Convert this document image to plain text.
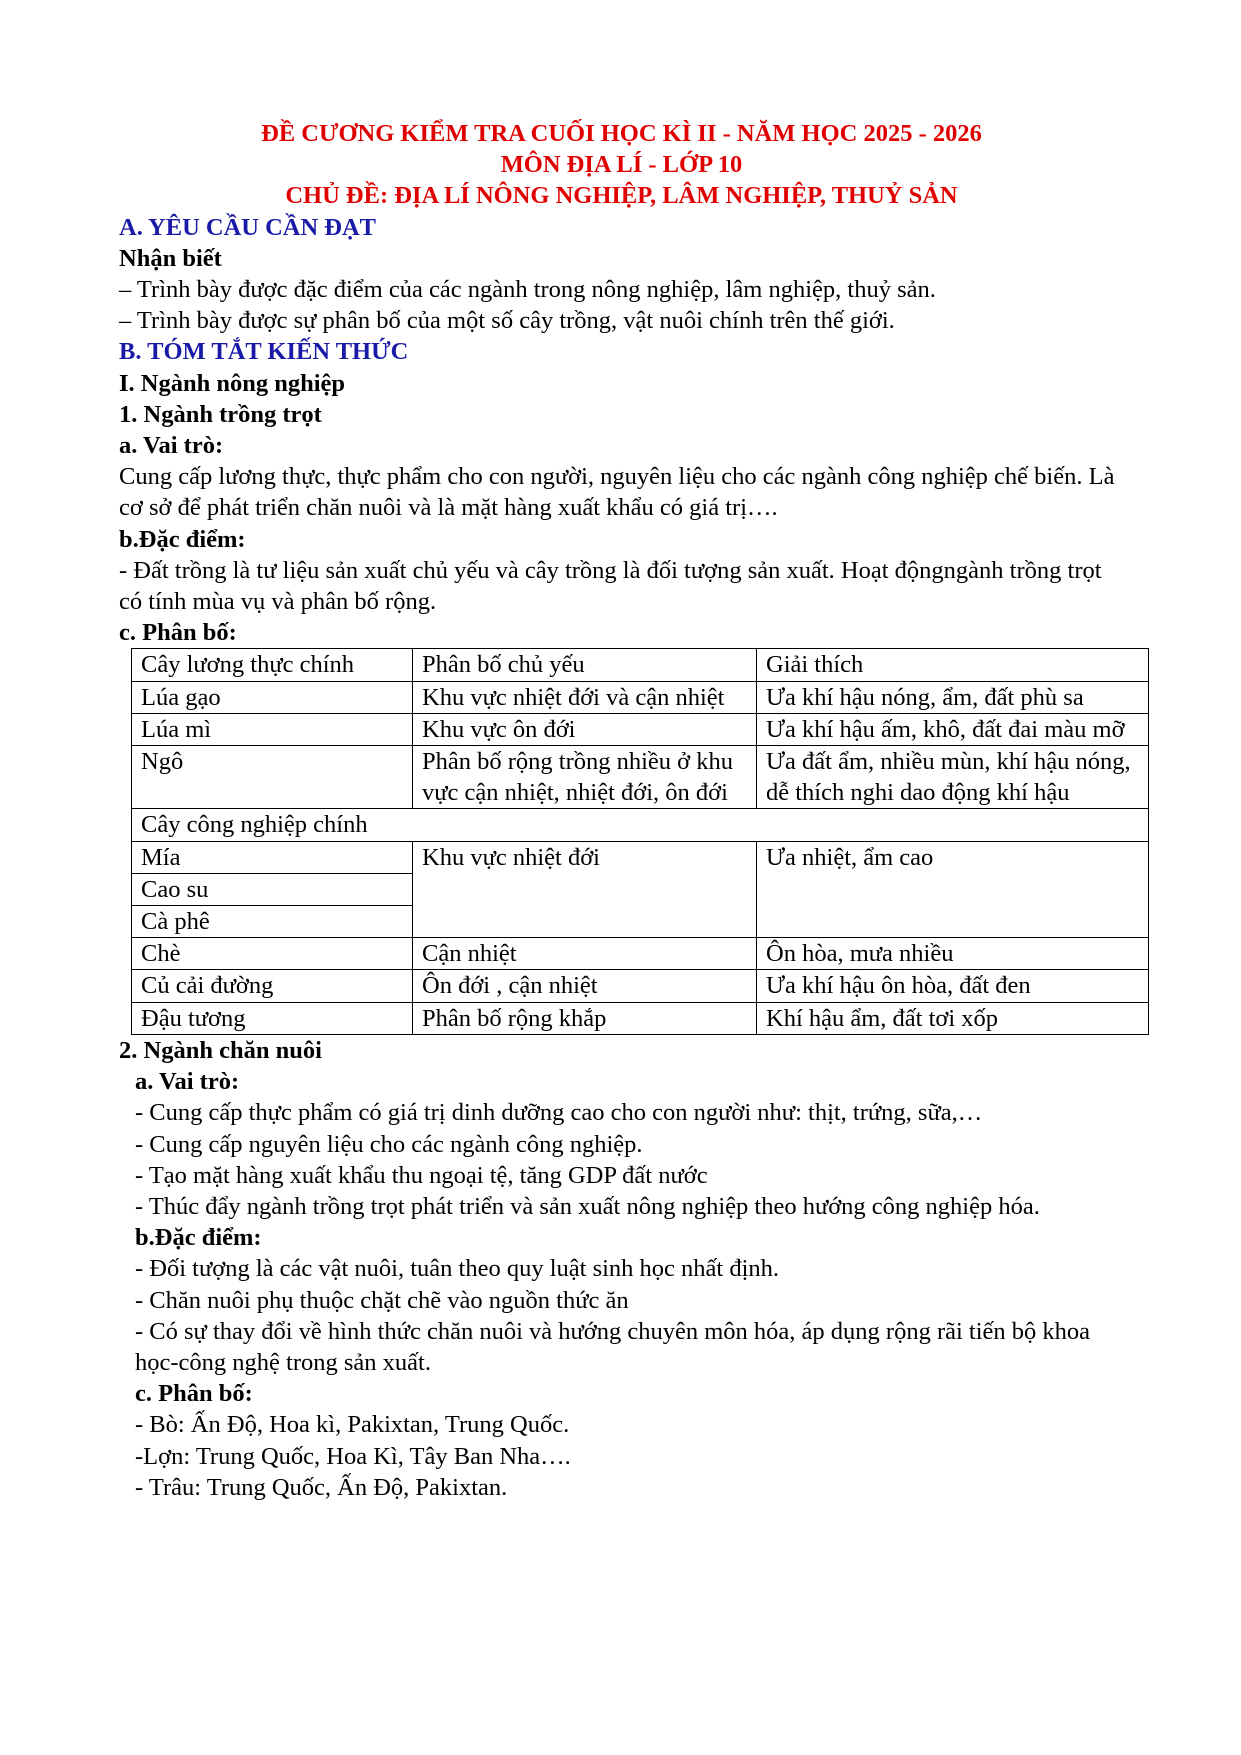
ĐỀ CƯƠNG KIỂM TRA CUỐI HỌC KÌ II - NĂM HỌC 2025 - 2026
MÔN ĐỊA LÍ - LỚP 10
CHỦ ĐỀ: ĐỊA LÍ NÔNG NGHIỆP, LÂM NGHIỆP, THUỶ SẢN
A. YÊU CẦU CẦN ĐẠT
Nhận biết
– Trình bày được đặc điểm của các ngành trong nông nghiệp, lâm nghiệp, thuỷ sản.
– Trình bày được sự phân bố của một số cây trồng, vật nuôi chính trên thế giới.
B. TÓM TẮT KIẾN THỨC
I. Ngành nông nghiệp
1. Ngành trồng trọt
a. Vai trò:

Cung cấp lương thực, thực phẩm cho con người, nguyên liệu cho các ngành công nghiệp chế biến. Là cơ sở để phát triển chăn nuôi và là mặt hàng xuất khẩu có giá trị….

b.Đặc điểm:

- Đất trồng là tư liệu sản xuất chủ yếu và cây trồng là đối tượng sản xuất. Hoạt độngngành trồng trọt có tính mùa vụ và phân bố rộng.

c. Phân bố:
Cây lương thực chính	Phân bố chủ yếu	Giải thích
Lúa gạo	Khu vực nhiệt đới và cận nhiệt	Ưa khí hậu nóng, ẩm, đất phù sa
Lúa mì	Khu vực ôn đới	Ưa khí hậu ấm, khô, đất đai màu mỡ
Ngô	Phân bố rộng trồng nhiều ở khu vực cận nhiệt, nhiệt đới, ôn đới	Ưa đất ẩm, nhiều mùn, khí hậu nóng, dễ thích nghi dao động khí hậu
Cây công nghiệp chính		
Mía	Khu vực nhiệt đới	Ưa nhiệt, ẩm cao
Cao su		
Cà phê		
Chè	Cận nhiệt	Ôn hòa, mưa nhiều
Củ cải đường	Ôn đới , cận nhiệt	Ưa khí hậu ôn hòa, đất đen
Đậu tương	Phân bố rộng khắp	Khí hậu ẩm, đất tơi xốp
2. Ngành chăn nuôi
a. Vai trò:
- Cung cấp thực phẩm có giá trị dinh dưỡng cao cho con người như: thịt, trứng, sữa,…
- Cung cấp nguyên liệu cho các ngành công nghiệp.
- Tạo mặt hàng xuất khẩu thu ngoại tệ, tăng GDP đất nước
- Thúc đẩy ngành trồng trọt phát triển và sản xuất nông nghiệp theo hướng công nghiệp hóa.
b.Đặc điểm:
- Đối tượng là các vật nuôi, tuân theo quy luật sinh học nhất định.
- Chăn nuôi phụ thuộc chặt chẽ vào nguồn thức ăn
- Có sự thay đổi về hình thức chăn nuôi và hướng chuyên môn hóa, áp dụng rộng rãi tiến bộ khoa học-công nghệ trong sản xuất.
c. Phân bố:
- Bò: Ấn Độ, Hoa kì, Pakixtan, Trung Quốc.
-Lợn: Trung Quốc, Hoa Kì, Tây Ban Nha….
- Trâu: Trung Quốc, Ấn Độ, Pakixtan.
